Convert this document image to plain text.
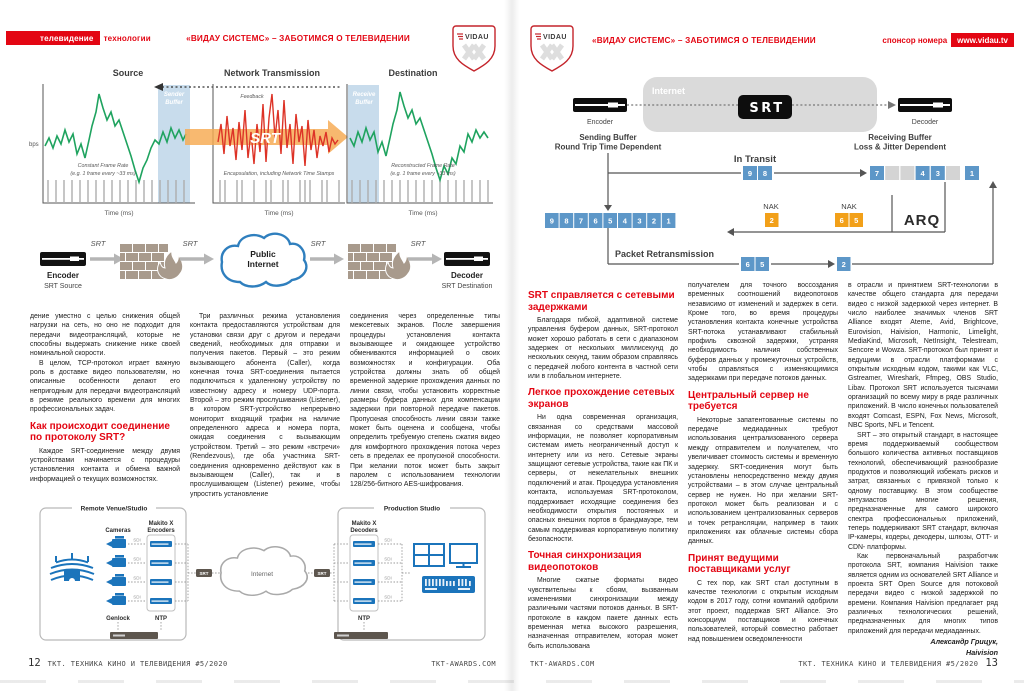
телевидение	технологии	«ВИДАУ СИСТЕМС» – ЗАБОТИМСЯ О ТЕЛЕВИДЕНИИ	VIDAU
Source	Network Transmission	Destination
Sender
Buffer
bps
Constant Frame Rate
(e.g. 1 frame every ~33 ms)
Time (ms)
Feedback
SRT
Encapsulation, including Network Time Stamps
Time (ms)
Receive
Buffer
Reconstructed Frame Rate
(e.g. 1 frame every ~33 ms)
Time (ms)
Encoder
SRT Source
SRT	SRT
Public
Internet
SRT	SRT
Decoder
SRT Destination

дение уместно с целью снижения общей нагрузки на сеть, но оно не подходит для передачи видеотрансляций, которые не способны выдержать снижение ниже своей номинальной скорости.

В целом, TCP-протокол играет важную роль в доставке видео пользователям, но описанные особенности делают его непригодным для передачи видеотрансляций в режиме реального времени для многих профессиональных задач.

Как происходит соединение по протоколу SRT?

Каждое SRT-соединение между двумя устройствами начинается с процедуры установления контакта и обмена важной информацией о текущих возможностях.

Три различных режима установления контакта предоставляются устройствам для установки связи друг с другом и передачи сведений, необходимых для отправки и получения пакетов. Первый – это режим вызывающего абонента (Caller), когда конечная точка SRT-соединения пытается подключиться к удаленному устройству по известному адресу и номеру UDP-порта. Второй – это режим прослушивания (Listener), в котором SRT-устройство непрерывно мониторит входящий трафик на наличие определенного адреса и номера порта, ожидая соединения с вызывающим устройством. Третий – это режим «встречи» (Rendezvous), где оба участника SRT-соединения одновременно действуют как в вызывающем (Caller), так и в прослушивающем (Listener) режиме, чтобы упростить установление

соединения через определенные типы межсетевых экранов. После завершения процедуры установления контакта вызывающее и ожидающее устройство обмениваются информацией о своих возможностях и конфигурации. Оба устройства должны знать об общей временной задержке прохождения данных по линии связи, чтобы установить корректные размеры буфера данных для компенсации задержки при повторной передаче пакетов. Пропускная способность линии связи также может быть оценена и сообщена, чтобы определить требуемую степень сжатия видео для комфортного прохождения потока через сеть в пределах ее пропускной способности. При желании поток может быть закрыт паролем с использованием технологии 128/256-битного AES-шифрования.

Remote Venue/Studio
Cameras
SDI
SDI
SDI
SDI
Makito X
Encoders
Genlock	NTP
SRT	Internet	SRT
Production Studio
Makito X
Decoders
SDI
SDI
SDI
SDI
NTP
12 ТКТ. ТЕХНИКА КИНО И ТЕЛЕВИДЕНИЯ #5/2020	TKT-AWARDS.COM
VIDAU	«ВИДАУ СИСТЕМС» – ЗАБОТИМСЯ О ТЕЛЕВИДЕНИИ	спонсор номера	www.vidau.tv
Internet
Encoder
SRT
Decoder
Sending Buffer
Round Trip Time Dependent
Receiving Buffer
Loss & Jitter Dependent
In Transit
9 8	7	4 3	1
9 8 7 6 5 4 3 2 1
NAK
2
NAK
6 5	ARQ
Packet Retransmission
6 5	2
SRT справляется с сетевыми задержками

Благодаря гибкой, адаптивной системе управления буфером данных, SRT-протокол может хорошо работать в сети с диапазоном задержек от нескольких миллисекунд до нескольких секунд, таким образом справляясь с передачей любого контента в частной сети или в глобальном интернете.

Легкое прохождение сетевых экранов

Ни одна современная организация, связанная со средствами массовой информации, не позволяет корпоративным системам иметь неограниченный доступ к интернету или из него. Сетевые экраны защищают сетевые устройства, такие как ПК и серверы, от нежелательных внешних подключений и атак. Процедура установления контакта, используемая SRT-протоколом, поддерживает исходящие соединения без необходимости открытия постоянных и опасных внешних портов в брандмауэре, тем самым поддерживая корпоративную политику безопасности.

Точная синхронизация видеопотоков

Многие сжатые форматы видео чувствительны к сбоям, вызванным изменениями синхронизации между различными частями потоков данных. В SRT-протоколе в каждом пакете данных есть временная метка высокого разрешения, назначенная отправителем, которая может быть использована

получателем для точного воссоздания временных соотношений видеопотоков независимо от изменений и задержек в сети. Кроме того, во время процедуры установления контакта конечные устройства SRT-потока устанавливают стабильный профиль сквозной задержки, устраняя необходимость наличия собственных буферов данных у промежуточных устройств, чтобы справляться с изменяющимися задержками при передаче потоков данных.

Центральный сервер не требуется

Некоторые запатентованные системы по передаче медиаданных требуют использования централизованного сервера между отправителем и получателем, что увеличивает стоимость системы и временную задержку. SRT-соединения могут быть установлены непосредственно между двумя устройствами – в этом случае центральный сервер не нужен. Но при желании SRT-протокол может быть реализован и с использованием централизованных серверов и точек ретрансляции, например в таких приложениях как облачные системы сбора данных.

Принят ведущими поставщиками услуг

С тех пор, как SRT стал доступным в качестве технологии с открытым исходным кодом в 2017 году, сотни компаний одобрили этот проект, поддержав SRT Alliance. Это консорциум поставщиков и конечных пользователей, который совместно работает над повышением осведомленности

в отрасли и принятием SRT-технологии в качестве общего стандарта для передачи видео с низкой задержкой через интернет. В число наиболее значимых членов SRT Alliance входят Ateme, Avid, Brightcove, Eurovision, Haivision, Harmonic, Limelight, MediaKind, Microsoft, NetInsight, Telestream, Sencore и Wowza. SRT-протокол был принят и ведущими в отрасли платформами с открытым исходным кодом, такими как VLC, Gstreamer, Wireshark, Ffmpeg, OBS Studio, Libav. Протокол SRT используется тысячами организаций по всему миру в ряде различных приложений. В число конечных пользователей входят Comcast, ESPN, Fox News, Microsoft, NBC Sports, NFL и Tencent.

SRT – это открытый стандарт, в настоящее время поддерживаемый сообществом большого количества активных поставщиков технологий, обеспечивающий разнообразие продуктов и позволяющий избежать рисков и затрат, связанных с привязкой только к одному поставщику. В этом сообществе энтузиастов многие решения, предназначенные для самого широкого спектра профессиональных приложений, теперь поддерживают SRT стандарт, включая IP-камеры, кодеры, декодеры, шлюзы, OTT- и CDN- платформы.

Как первоначальный разработчик протокола SRT, компания Haivision также является одним из основателей SRT Alliance и проекта SRT Open Source для потоковой передачи видео с низкой задержкой по времени. Компания Haivision предлагает ряд различных технологических решений, предназначенных для многих типов приложений для передачи медиаданных.

Александр Грицук,
Haivision
ТКТ-AWARDS.COM	ТКТ. ТЕХНИКА КИНО И ТЕЛЕВИДЕНИЯ #5/2020 13
